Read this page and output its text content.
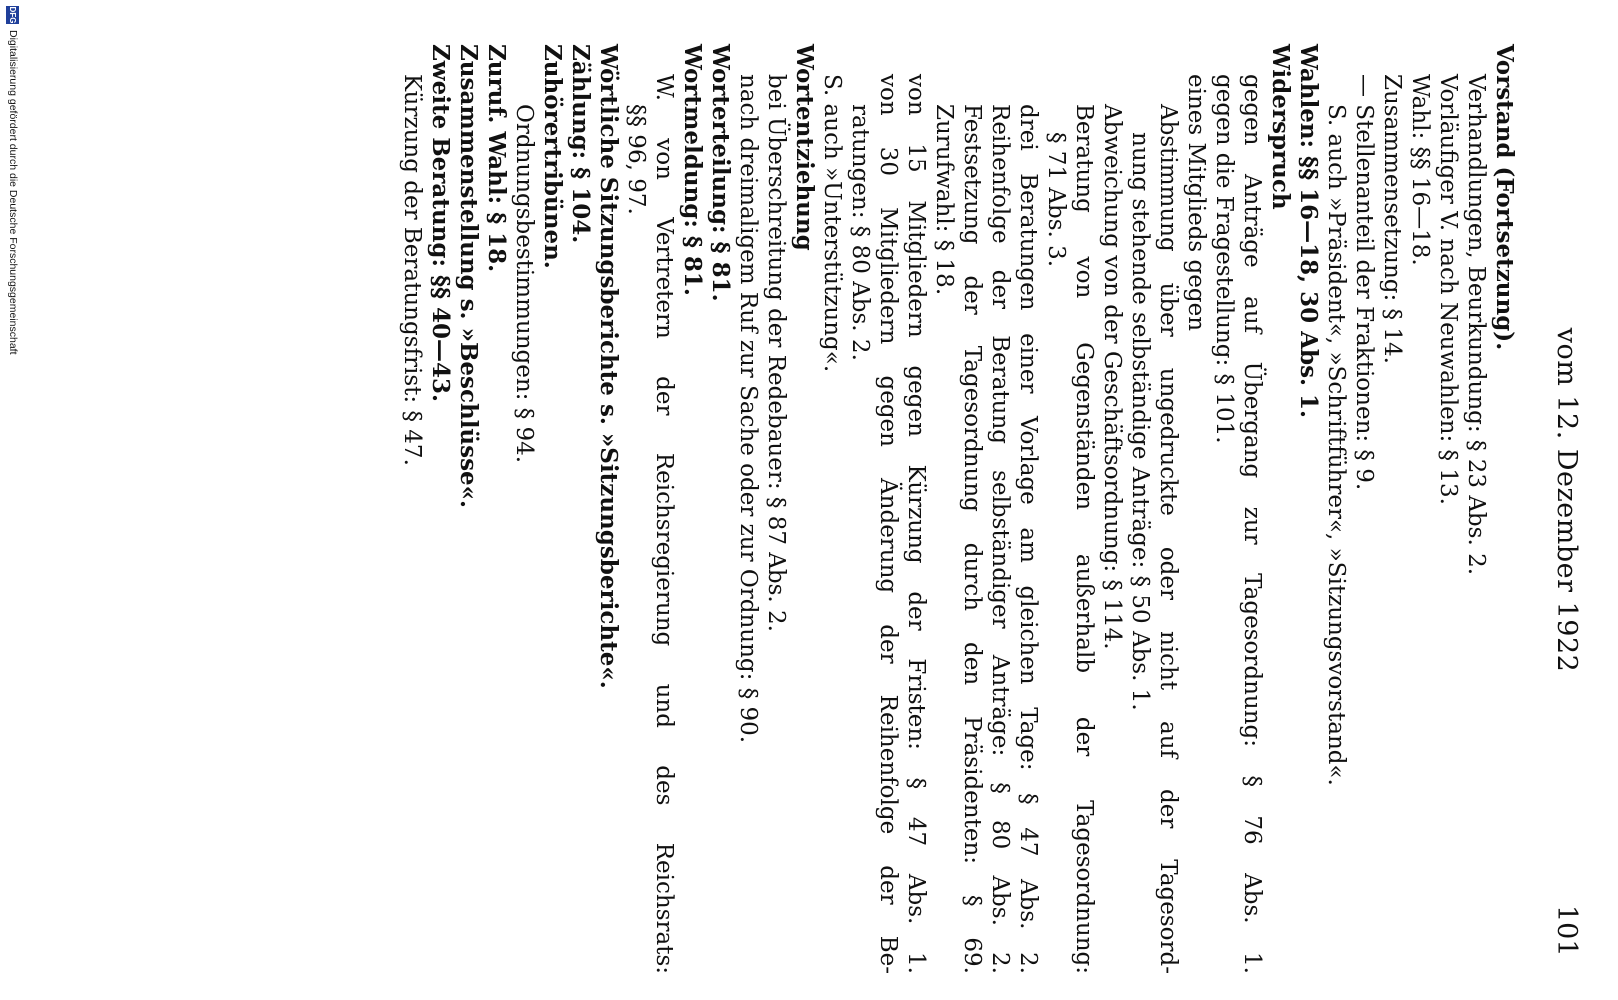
vom 12. Dezember 1922
101
Vorstand (Fortsetzung).
Verhandlungen, Beurkundung: § 23 Abs. 2.
Vorläufiger V. nach Neuwahlen: § 13.
Wahl: §§ 16—18.
Zusammensetzung: § 14.
— Stellenanteil der Fraktionen: § 9.
S. auch »Präsident«, »Schriftführer«, »Sitzungsvorstand«.
Wahlen: §§ 16—18, 30 Abs. 1.
Widerspruch
gegen Anträge auf Übergang zur Tagesordnung: § 76 Abs. 1.
gegen die Fragestellung: § 101.
eines Mitglieds gegen
Abstimmung über ungedruckte oder nicht auf der Tagesord-
nung stehende selbständige Anträge: § 50 Abs. 1.
Abweichung von der Geschäftsordnung: § 114.
Beratung von Gegenständen außerhalb der Tagesordnung:
§ 71 Abs. 3.
drei Beratungen einer Vorlage am gleichen Tage: § 47 Abs. 2.
Reihenfolge der Beratung selbständiger Anträge: § 80 Abs. 2.
Festsetzung der Tagesordnung durch den Präsidenten: § 69.
Zurufwahl: § 18.
von 15 Mitgliedern gegen Kürzung der Fristen: § 47 Abs. 1.
von 30 Mitgliedern gegen Änderung der Reihenfolge der Be-
ratungen: § 80 Abs. 2.
S. auch »Unterstützung«.
Wortentziehung
bei Überschreitung der Redebauer: § 87 Abs. 2.
nach dreimaligem Ruf zur Sache oder zur Ordnung: § 90.
Worterteilung: § 81.
Wortmeldung: § 81.
W. von Vertretern der Reichsregierung und des Reichsrats:
§§ 96, 97.
Wörtliche Sitzungsberichte s. »Sitzungsberichte«.
Zählung: § 104.
Zuhörertribünen.
Ordnungsbestimmungen: § 94.
Zuruf. Wahl: § 18.
Zusammenstellung s. »Beschlüsse«.
Zweite Beratung: §§ 40—43.
Kürzung der Beratungsfrist: § 47.
DFG
Digitalisierung gefördert durch die Deutsche Forschungsgemeinschaft
